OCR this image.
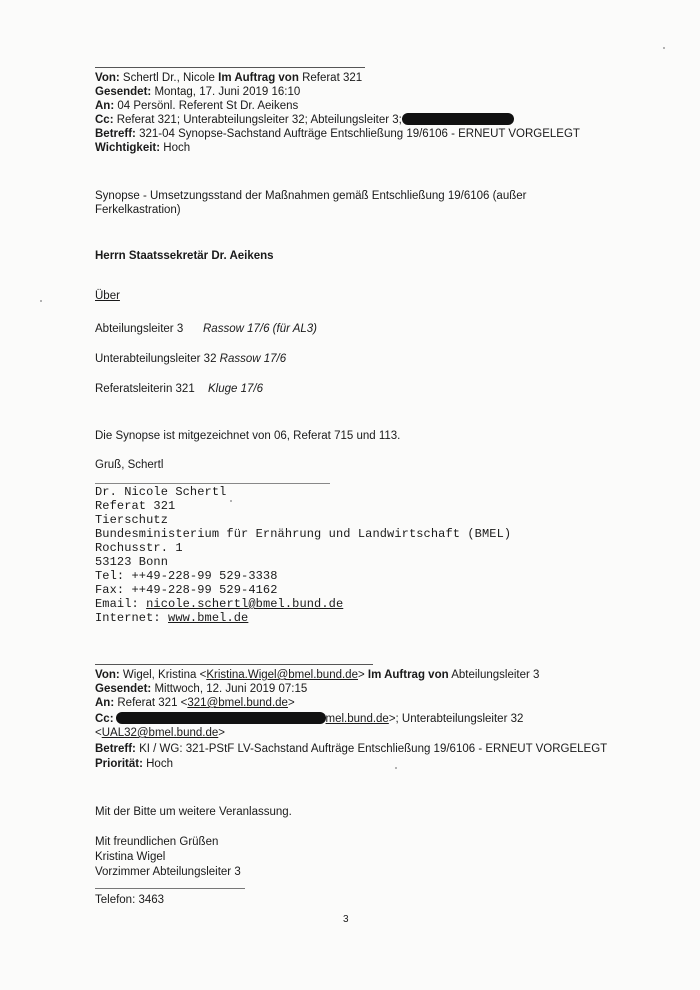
Von: Schertl Dr., Nicole Im Auftrag von Referat 321
Gesendet: Montag, 17. Juni 2019 16:10
An: 04 Persönl. Referent St Dr. Aeikens
Cc: Referat 321; Unterabteilungsleiter 32; Abteilungsleiter 3;
Betreff: 321-04 Synopse-Sachstand Aufträge Entschließung 19/6106 - ERNEUT VORGELEGT
Wichtigkeit: Hoch
Synopse - Umsetzungsstand der Maßnahmen gemäß Entschließung 19/6106 (außer
Ferkelkastration)
Herrn Staatssekretär Dr. Aeikens
Über
Abteilungsleiter 3 Rassow 17/6 (für AL3)
Unterabteilungsleiter 32 Rassow 17/6
Referatsleiterin 321 Kluge 17/6
Die Synopse ist mitgezeichnet von 06, Referat 715 und 113.
Gruß, Schertl
Dr. Nicole Schertl
Referat 321
Tierschutz
Bundesministerium für Ernährung und Landwirtschaft (BMEL)
Rochusstr. 1
53123 Bonn
Tel: ++49-228-99 529-3338
Fax: ++49-228-99 529-4162
Email: nicole.schertl@bmel.bund.de
Internet: www.bmel.de
Von: Wigel, Kristina <Kristina.Wigel@bmel.bund.de> Im Auftrag von Abteilungsleiter 3
Gesendet: Mittwoch, 12. Juni 2019 07:15
An: Referat 321 <321@bmel.bund.de>
Cc:	mel.bund.de>; Unterabteilungsleiter 32
<UAL32@bmel.bund.de>
Betreff: KI / WG: 321-PStF LV-Sachstand Aufträge Entschließung 19/6106 - ERNEUT VORGELEGT
Priorität: Hoch
Mit der Bitte um weitere Veranlassung.
Mit freundlichen Grüßen
Kristina Wigel
Vorzimmer Abteilungsleiter 3
Telefon: 3463
3
